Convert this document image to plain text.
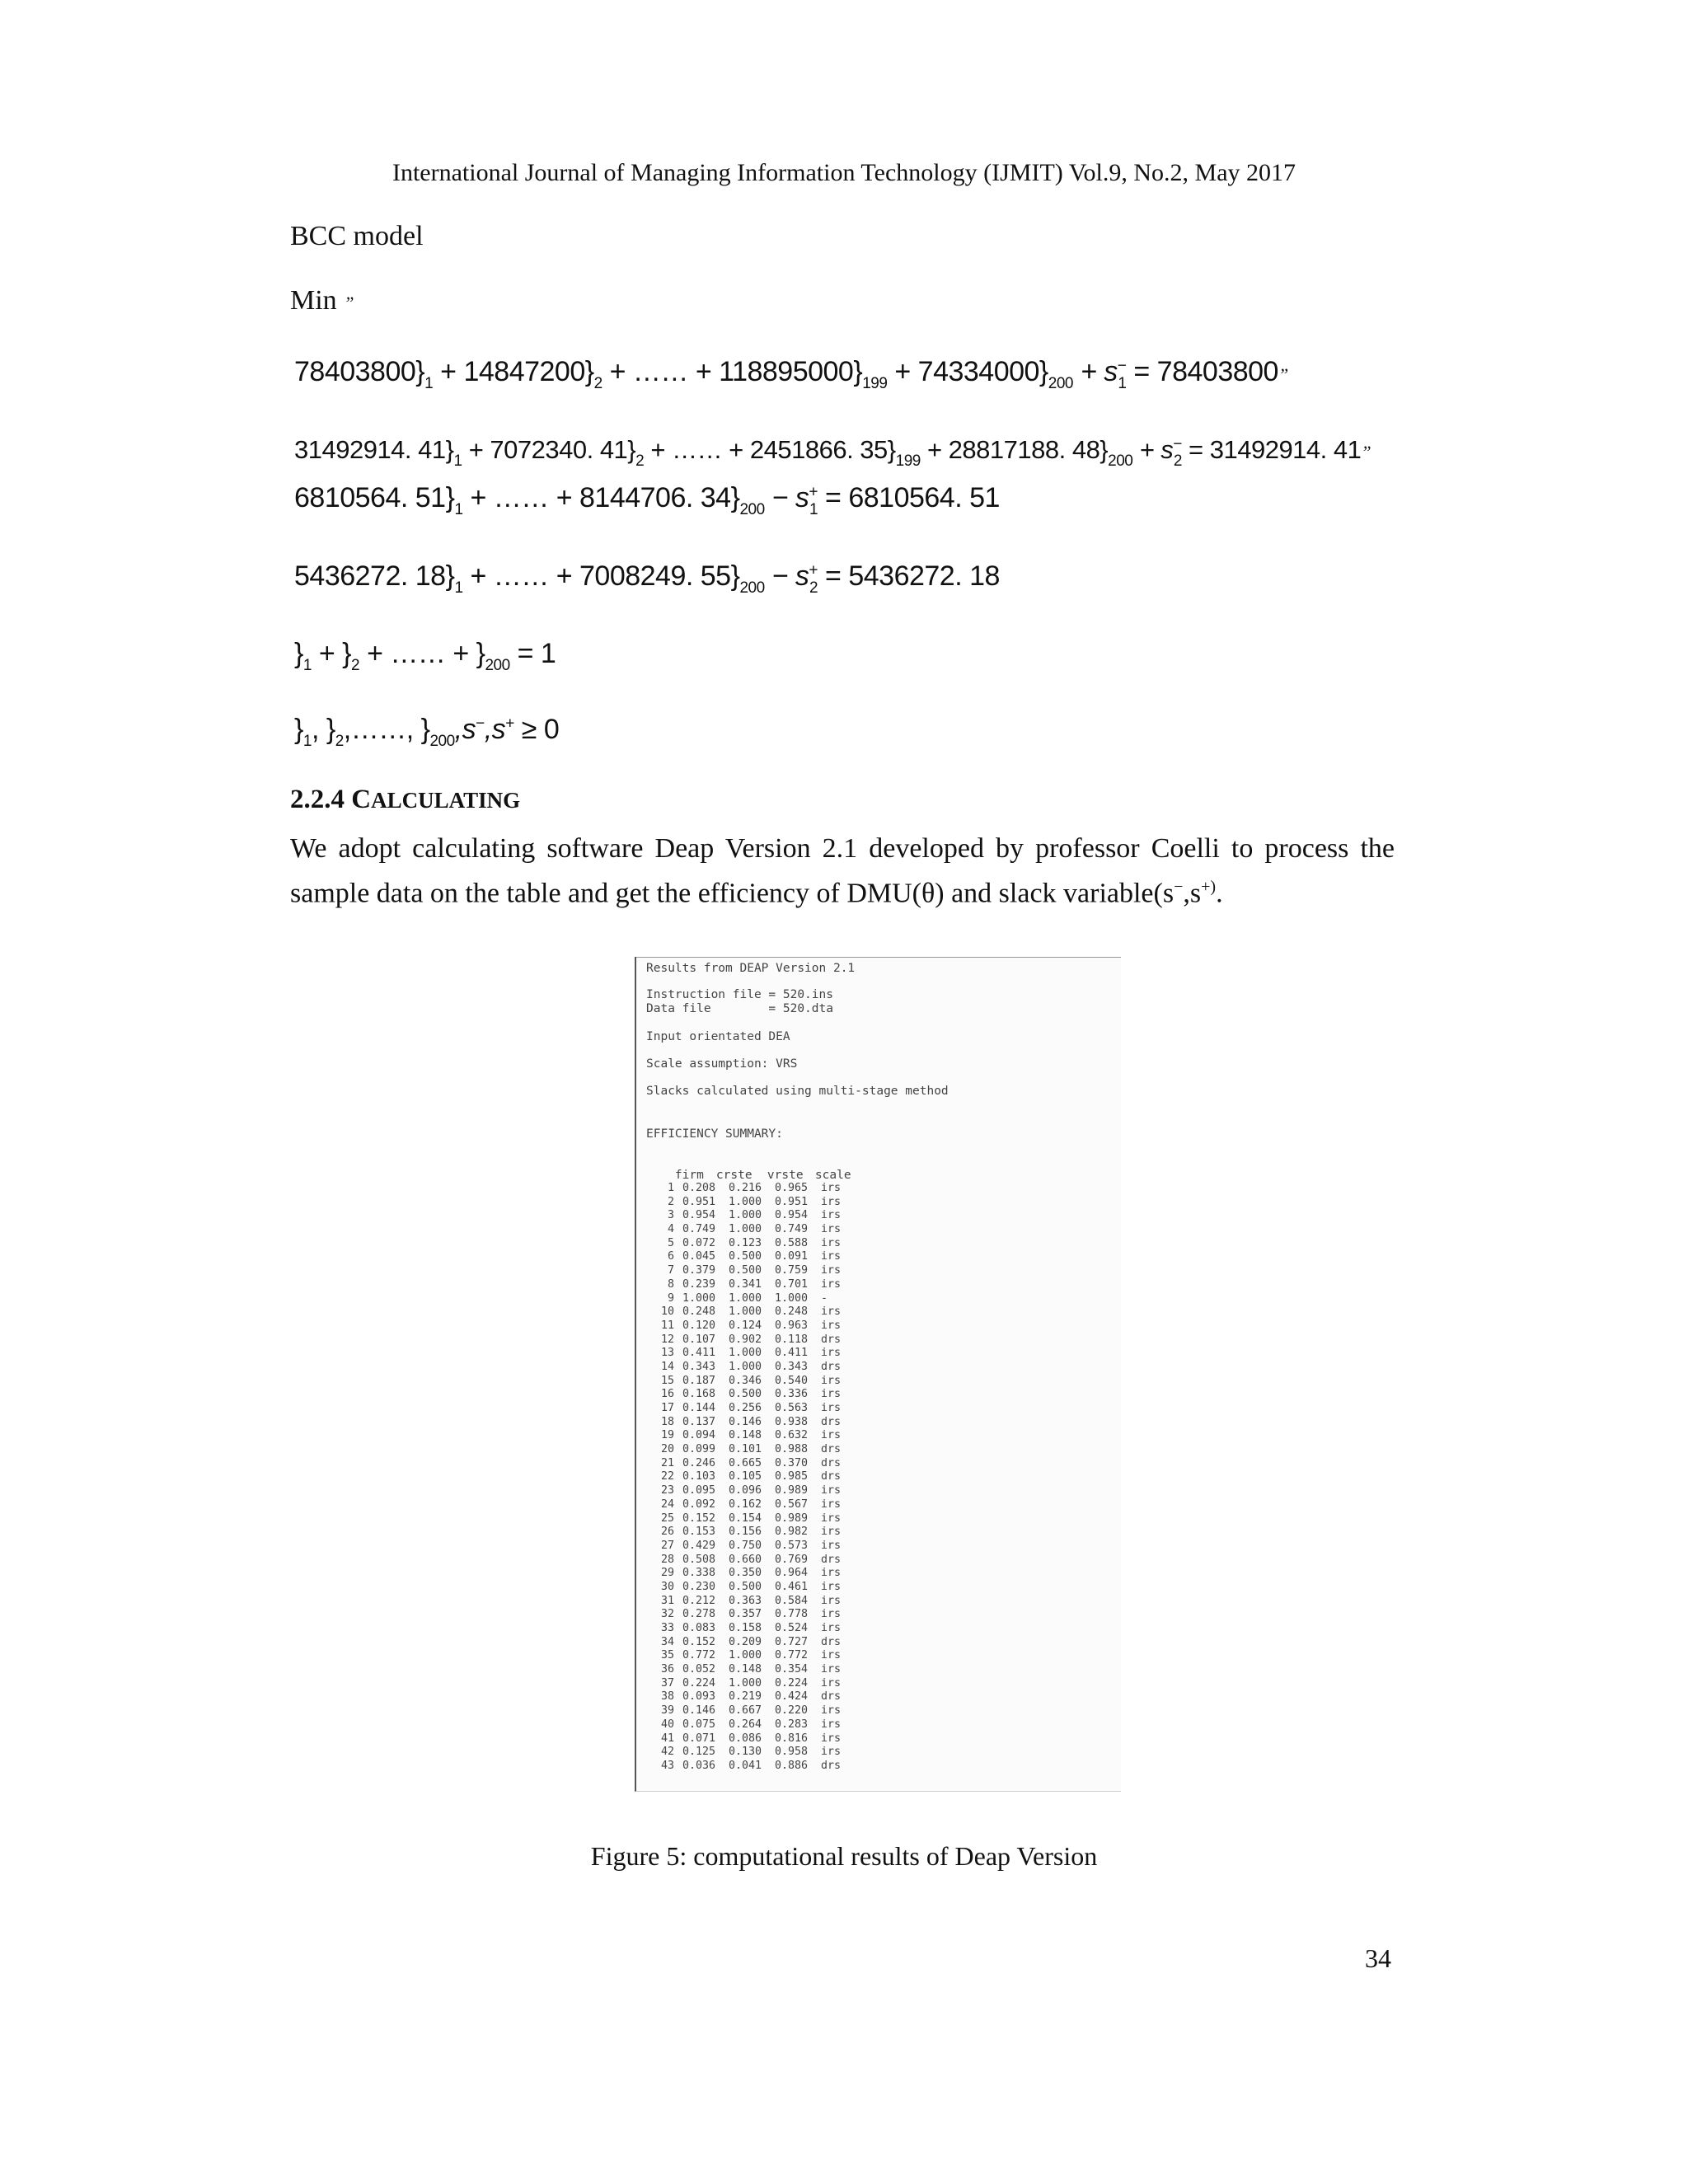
International Journal of Managing Information Technology (IJMIT) Vol.9, No.2, May 2017
BCC model
Min ”
$78403800\}_1 + 14847200\}_2$ + …… + $118895000\}_{199} + 74334000\}_{200} + s^-_1 = 78403800$”
31492914. $41\}_1 + 7072340$. $41\}_2$ + …… + 2451866. $35\}_{199} + 28817188$. $48\}_{200} + s^-_2 = 31492914$. 41”
6810564. $51\}_1$ + …… + 8144706. $34\}_{200} - s^+_1 = 6810564$. 51
5436272. $18\}_1$ + …… + 7008249. $55\}_{200} - s^+_2 = 5436272$. 18
}$_1 + \}_2$ + …… + }$_{200} = 1$
}$_1$, }$_2,\dots\dots$, }$_{200},s^-,s^+ \ge 0$
2.2.4 CALCULATING
We adopt calculating software Deap Version 2.1 developed by professor Coelli to process the sample data on the table and get the efficiency of DMU(θ) and slack variable(s−,s+).
Results from DEAP Version 2.1
Instruction file = 520.ins
Data file        = 520.dta
Input orientated DEA
Scale assumption: VRS
Slacks calculated using multi-stage method
EFFICIENCY SUMMARY:

firm crste vrste scale

1 0.208 0.216 0.965 irs
2 0.951 1.000 0.951 irs
3 0.954 1.000 0.954 irs
4 0.749 1.000 0.749 irs
5 0.072 0.123 0.588 irs
6 0.045 0.500 0.091 irs
7 0.379 0.500 0.759 irs
8 0.239 0.341 0.701 irs
9 1.000 1.000 1.000 -
10 0.248 1.000 0.248 irs
11 0.120 0.124 0.963 irs
12 0.107 0.902 0.118 drs
13 0.411 1.000 0.411 irs
14 0.343 1.000 0.343 drs
15 0.187 0.346 0.540 irs
16 0.168 0.500 0.336 irs
17 0.144 0.256 0.563 irs
18 0.137 0.146 0.938 drs
19 0.094 0.148 0.632 irs
20 0.099 0.101 0.988 drs
21 0.246 0.665 0.370 drs
22 0.103 0.105 0.985 drs
23 0.095 0.096 0.989 irs
24 0.092 0.162 0.567 irs
25 0.152 0.154 0.989 irs
26 0.153 0.156 0.982 irs
27 0.429 0.750 0.573 irs
28 0.508 0.660 0.769 drs
29 0.338 0.350 0.964 irs
30 0.230 0.500 0.461 irs
31 0.212 0.363 0.584 irs
32 0.278 0.357 0.778 irs
33 0.083 0.158 0.524 irs
34 0.152 0.209 0.727 drs
35 0.772 1.000 0.772 irs
36 0.052 0.148 0.354 irs
37 0.224 1.000 0.224 irs
38 0.093 0.219 0.424 drs
39 0.146 0.667 0.220 irs
40 0.075 0.264 0.283 irs
41 0.071 0.086 0.816 irs
42 0.125 0.130 0.958 irs
43 0.036 0.041 0.886 drs
Figure 5: computational results of Deap Version
34
